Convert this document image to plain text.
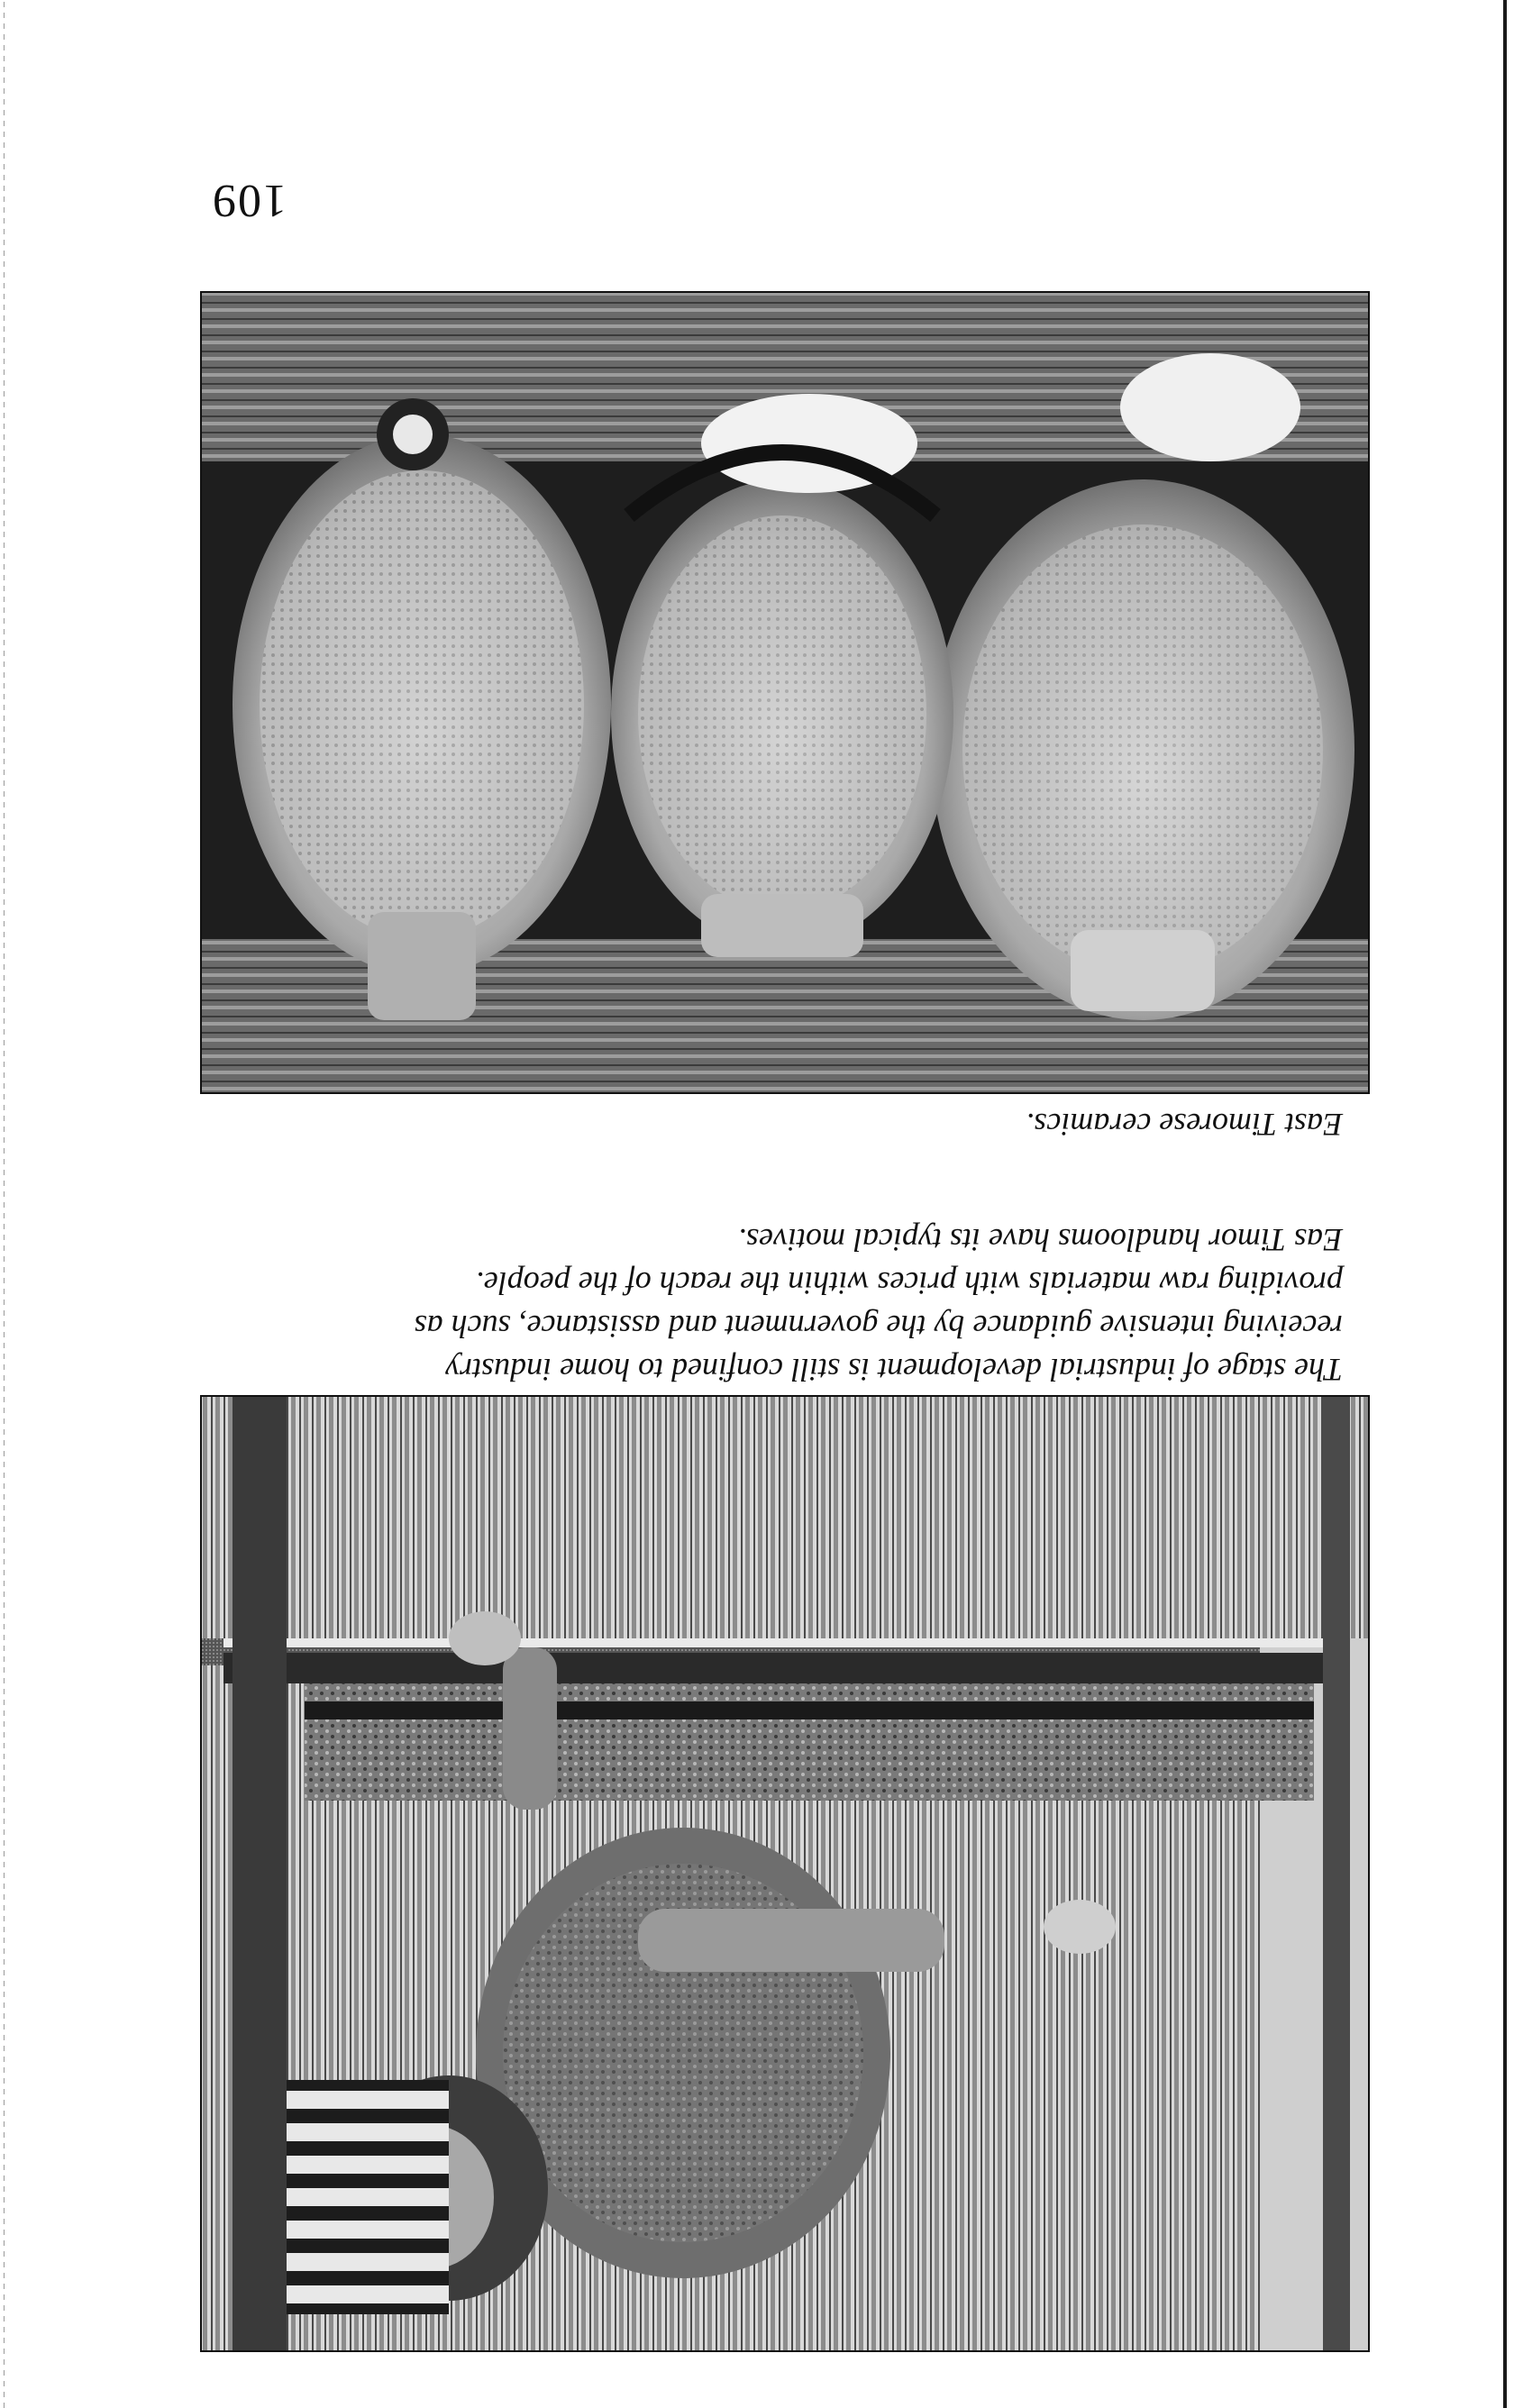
The stage of industrial development is still confined to home industry

receiving intensive guidance by the government and assistance, such as

providing raw materials with prices within the reach of the people.

Eas Timor handlooms have its typical motives.

East Timorese ceramics.
109
